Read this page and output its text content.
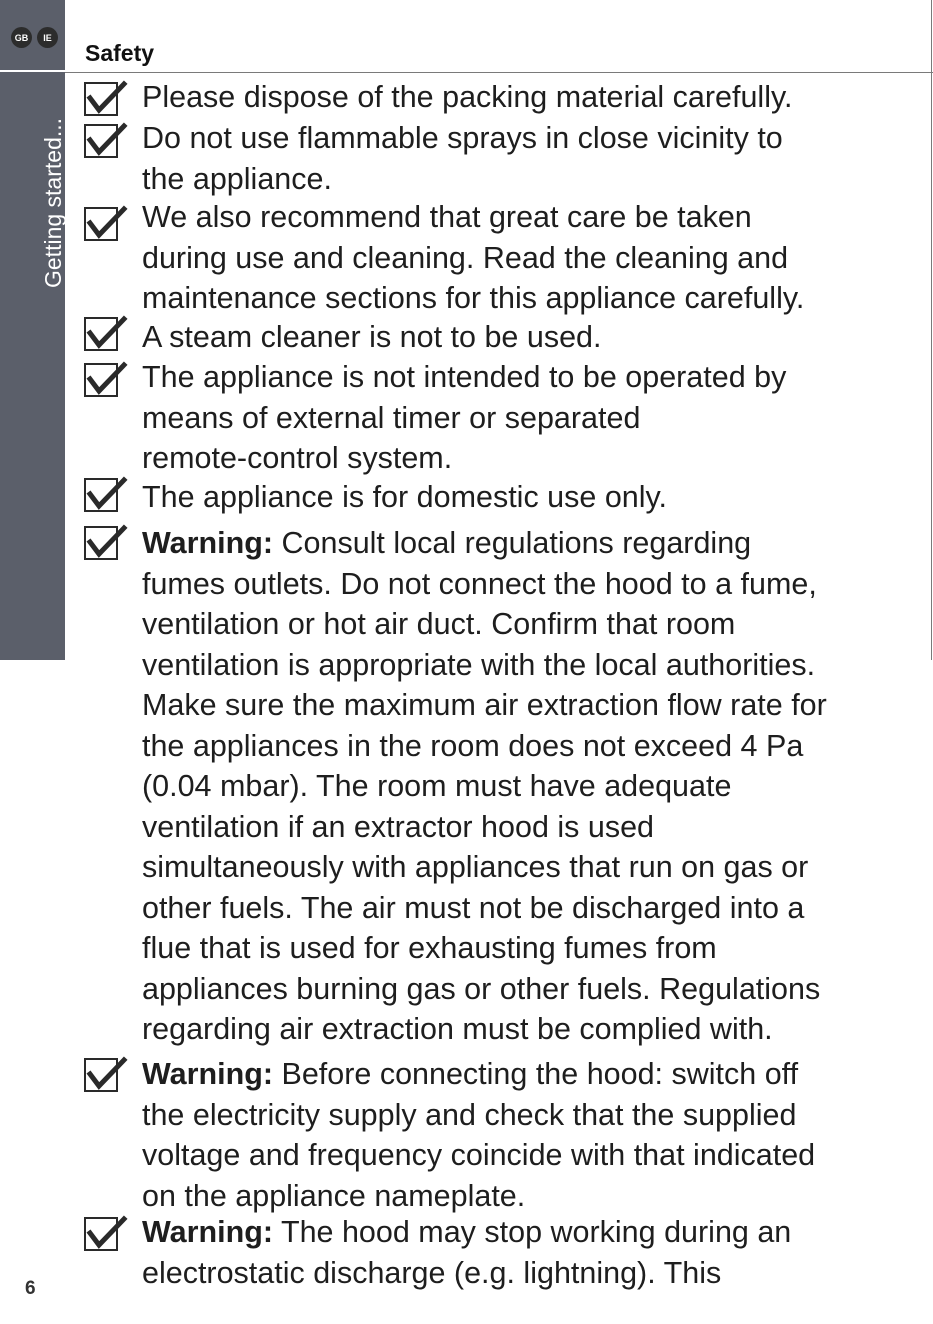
GB	IE
Getting started...
Safety
Please dispose of the packing material carefully.
Do not use flammable sprays in close vicinity to
the appliance.
We also recommend that great care be taken
during use and cleaning. Read the cleaning and
maintenance sections for this appliance carefully.
A steam cleaner is not to be used.
The appliance is not intended to be operated by
means of external timer or separated
remote-control system.
The appliance is for domestic use only.
Warning: Consult local regulations regarding
fumes outlets. Do not connect the hood to a fume,
ventilation or hot air duct. Confirm that room
ventilation is appropriate with the local authorities.
Make sure the maximum air extraction flow rate for
the appliances in the room does not exceed 4 Pa
(0.04 mbar). The room must have adequate
ventilation if an extractor hood is used
simultaneously with appliances that run on gas or
other fuels. The air must not be discharged into a
flue that is used for exhausting fumes from
appliances burning gas or other fuels. Regulations
regarding air extraction must be complied with.
Warning: Before connecting the hood: switch off
the electricity supply and check that the supplied
voltage and frequency coincide with that indicated
on the appliance nameplate.
Warning: The hood may stop working during an
electrostatic discharge (e.g. lightning). This
6
